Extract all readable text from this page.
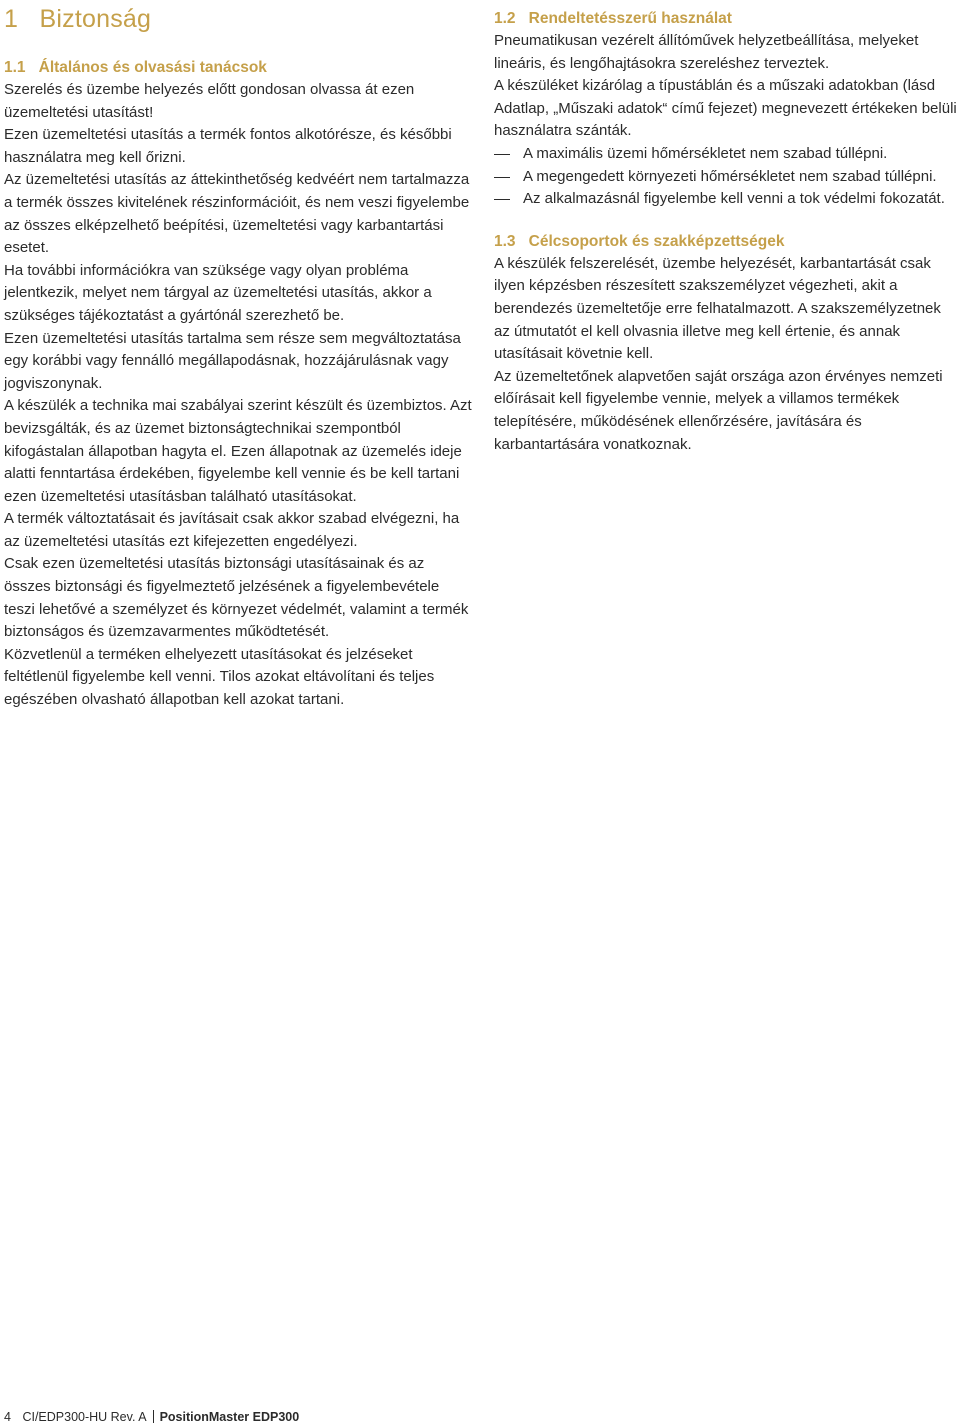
1 Biztonság
1.1 Általános és olvasási tanácsok

Szerelés és üzembe helyezés előtt gondosan olvassa át ezen üzemeltetési utasítást!

Ezen üzemeltetési utasítás a termék fontos alkotórésze, és későbbi használatra meg kell őrizni.

Az üzemeltetési utasítás az áttekinthetőség kedvéért nem tartalmazza a termék összes kivitelének részinformációit, és nem veszi figyelembe az összes elképzelhető beépítési, üzemeltetési vagy karbantartási esetet.

Ha további információkra van szüksége vagy olyan probléma jelentkezik, melyet nem tárgyal az üzemeltetési utasítás, akkor a szükséges tájékoztatást a gyártónál szerezhető be.

Ezen üzemeltetési utasítás tartalma sem része sem megváltoztatása egy korábbi vagy fennálló megállapodásnak, hozzájárulásnak vagy jogviszonynak.

A készülék a technika mai szabályai szerint készült és üzembiztos. Azt bevizsgálták, és az üzemet biztonságtechnikai szempontból kifogástalan állapotban hagyta el. Ezen állapotnak az üzemelés ideje alatti fenntartása érdekében, figyelembe kell vennie és be kell tartani ezen üzemeltetési utasításban található utasításokat.

A termék változtatásait és javításait csak akkor szabad elvégezni, ha az üzemeltetési utasítás ezt kifejezetten engedélyezi.

Csak ezen üzemeltetési utasítás biztonsági utasításainak és az összes biztonsági és figyelmeztető jelzésének a figyelembevétele teszi lehetővé a személyzet és környezet védelmét, valamint a termék biztonságos és üzemzavarmentes működtetését.

Közvetlenül a terméken elhelyezett utasításokat és jelzéseket feltétlenül figyelembe kell venni. Tilos azokat eltávolítani és teljes egészében olvasható állapotban kell azokat tartani.

1.2 Rendeltetésszerű használat

Pneumatikusan vezérelt állítóművek helyzetbeállítása, melyeket lineáris, és lengőhajtásokra szereléshez terveztek.

A készüléket kizárólag a típustáblán és a műszaki adatokban (lásd Adatlap, „Műszaki adatok“ című fejezet) megnevezett értékeken belüli használatra szánták.

A maximális üzemi hőmérsékletet nem szabad túllépni.
A megengedett környezeti hőmérsékletet nem szabad túllépni.
Az alkalmazásnál figyelembe kell venni a tok védelmi fokozatát.
1.3 Célcsoportok és szakképzettségek

A készülék felszerelését, üzembe helyezését, karbantartását csak ilyen képzésben részesített szakszemélyzet végezheti, akit a berendezés üzemeltetője erre felhatalmazott. A szakszemélyzetnek az útmutatót el kell olvasnia illetve meg kell értenie, és annak utasításait követnie kell.

Az üzemeltetőnek alapvetően saját országa azon érvényes nemzeti előírásait kell figyelembe vennie, melyek a villamos termékek telepítésére, működésének ellenőrzésére, javítására és karbantartására vonatkoznak.

4 CI/EDP300-HU Rev. A PositionMaster EDP300
